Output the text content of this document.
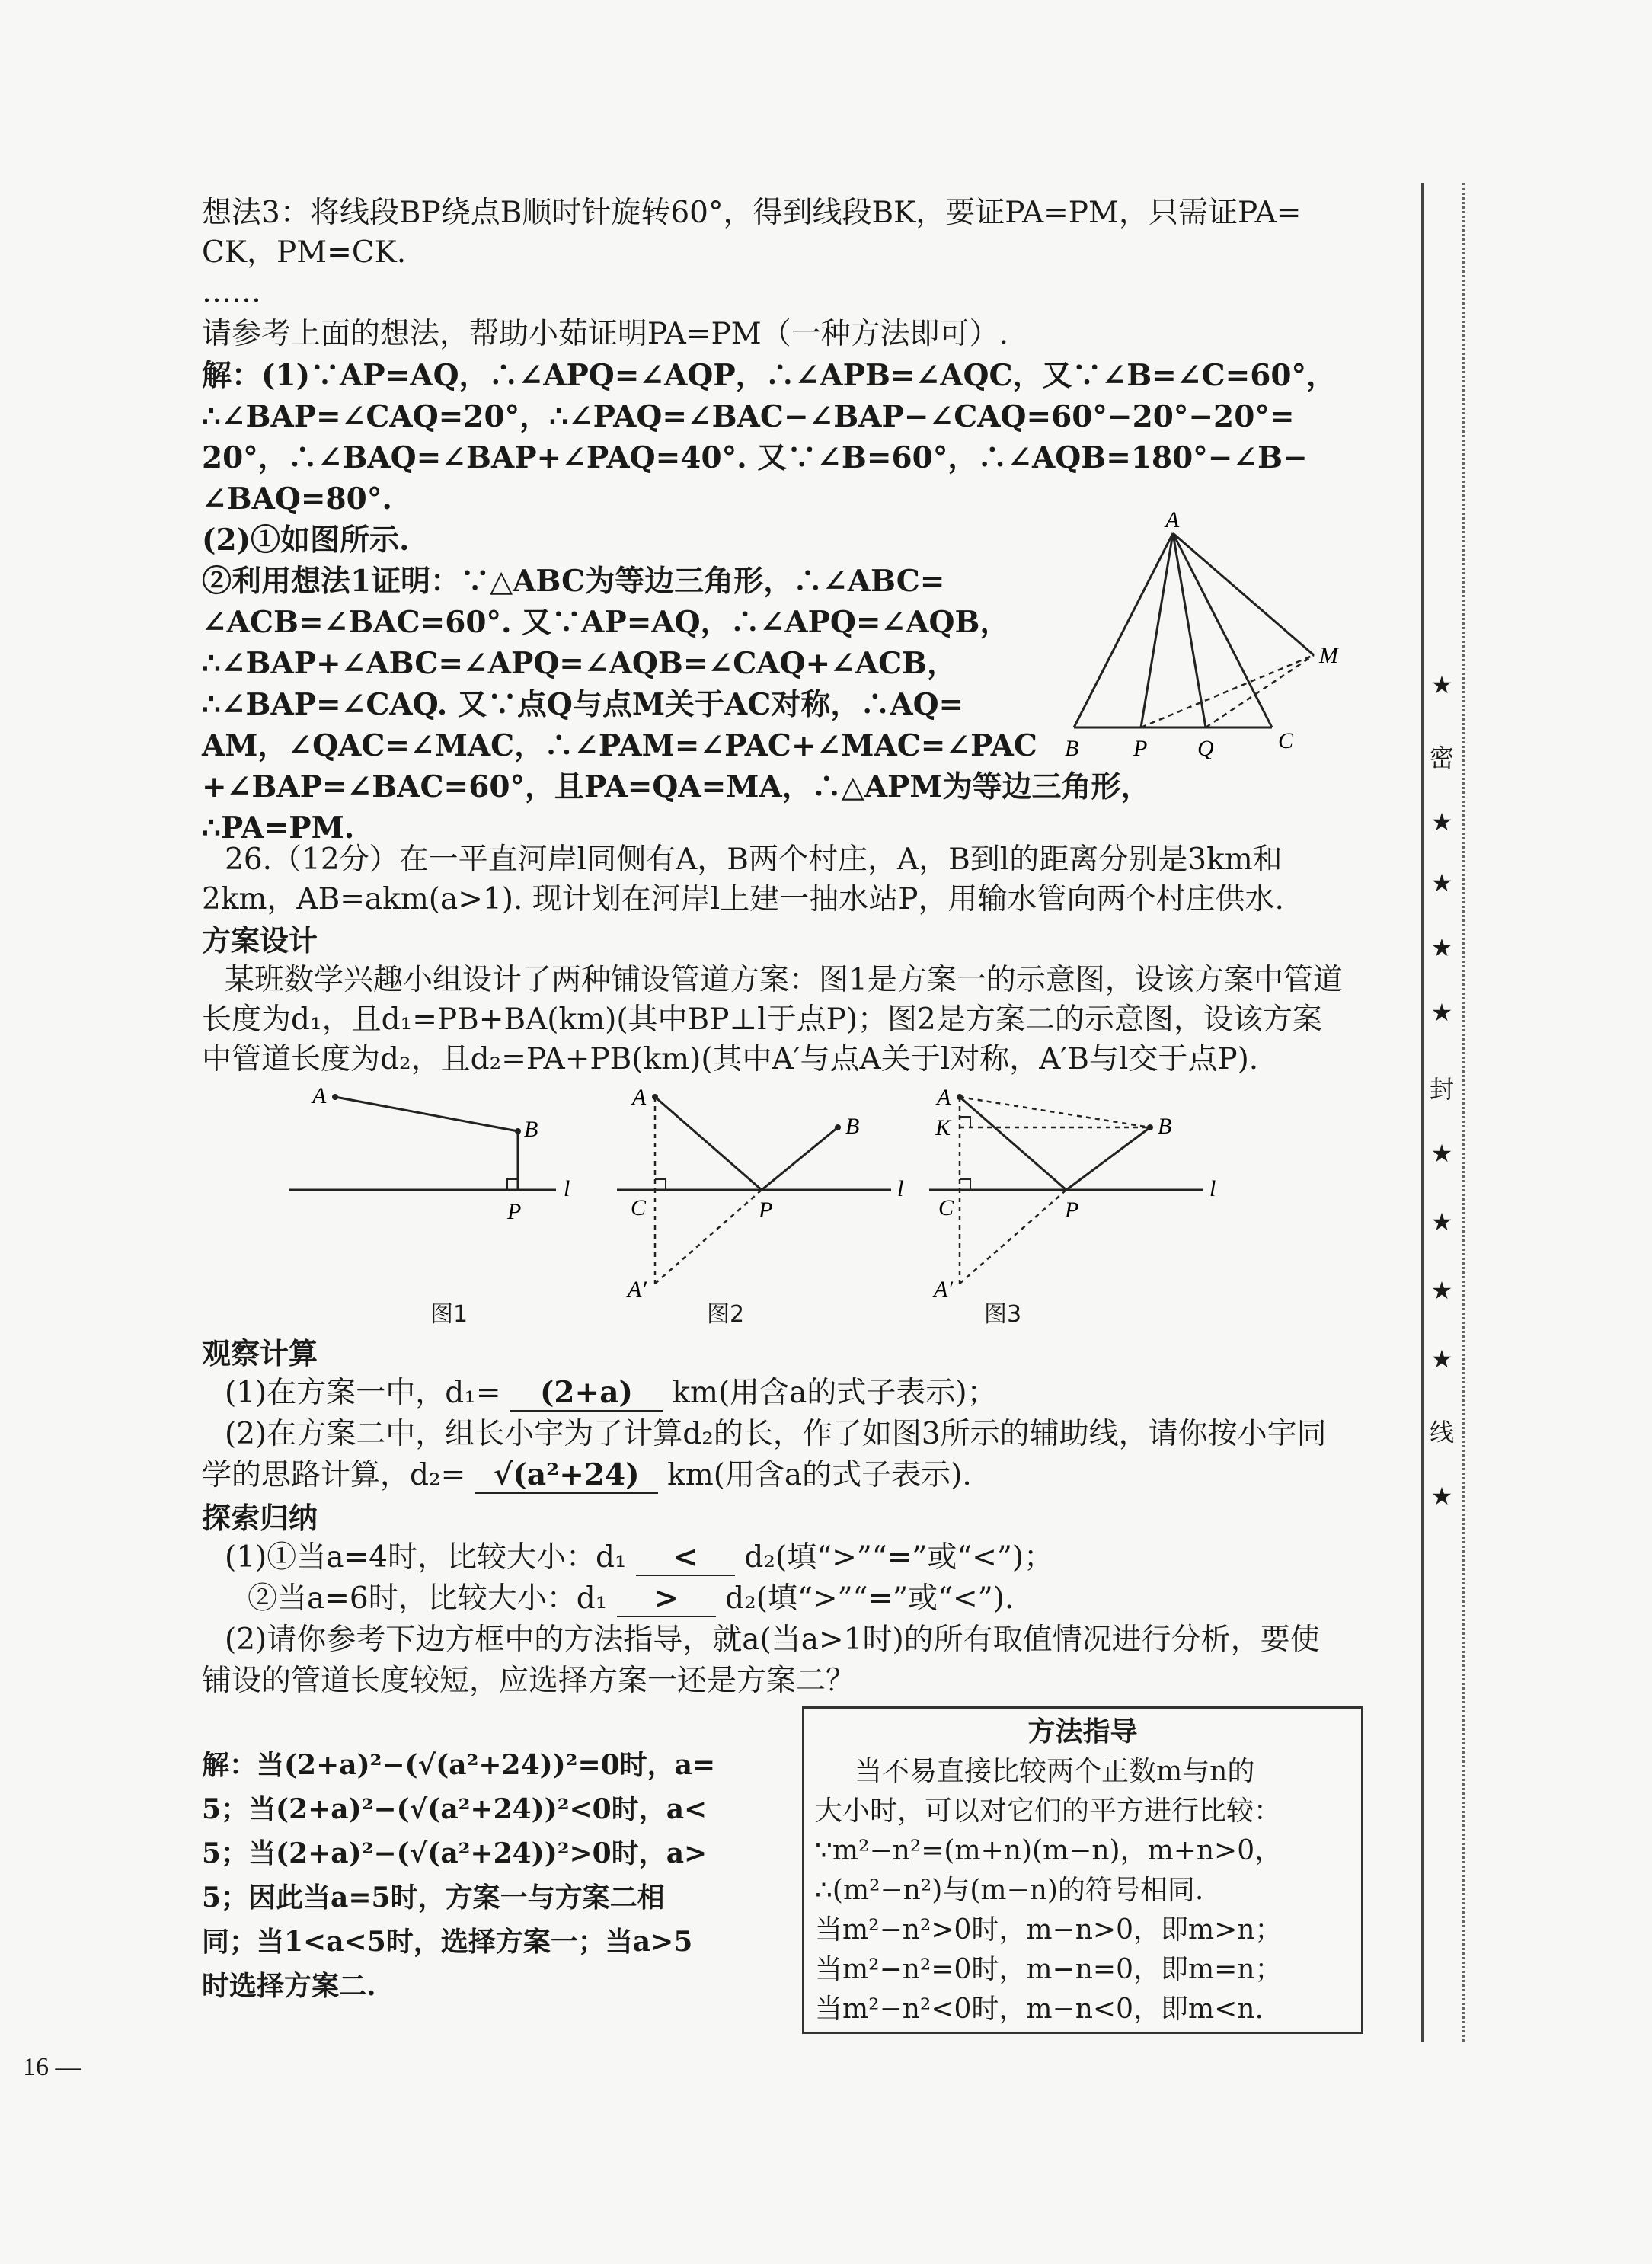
想法3：将线段BP绕点B顺时针旋转60°，得到线段BK，要证PA=PM，只需证PA=
CK，PM=CK.
……
请参考上面的想法，帮助小茹证明PA=PM（一种方法即可）.
解：(1)∵AP=AQ，∴∠APQ=∠AQP，∴∠APB=∠AQC，又∵∠B=∠C=60°，
∴∠BAP=∠CAQ=20°，∴∠PAQ=∠BAC−∠BAP−∠CAQ=60°−20°−20°=
20°，∴∠BAQ=∠BAP+∠PAQ=40°. 又∵∠B=60°，∴∠AQB=180°−∠B−
∠BAQ=80°.
(2)①如图所示.
②利用想法1证明：∵△ABC为等边三角形，∴∠ABC=
∠ACB=∠BAC=60°. 又∵AP=AQ，∴∠APQ=∠AQB，
∴∠BAP+∠ABC=∠APQ=∠AQB=∠CAQ+∠ACB，
∴∠BAP=∠CAQ. 又∵点Q与点M关于AC对称，∴AQ=
AM，∠QAC=∠MAC，∴∠PAM=∠PAC+∠MAC=∠PAC
+∠BAP=∠BAC=60°，且PA=QA=MA，∴△APM为等边三角形，
∴PA=PM.
A
B P Q	C
M
26.（12分）在一平直河岸l同侧有A，B两个村庄，A，B到l的距离分别是3km和
2km，AB=akm(a>1). 现计划在河岸l上建一抽水站P，用输水管向两个村庄供水.
方案设计
某班数学兴趣小组设计了两种铺设管道方案：图1是方案一的示意图，设该方案中管道
长度为d₁，且d₁=PB+BA(km)(其中BP⊥l于点P)；图2是方案二的示意图，设该方案
中管道长度为d₂，且d₂=PA+PB(km)(其中A′与点A关于l对称，A′B与l交于点P).
A
B
P
l
图1
A
B
C	P
A′
l
图2
A
K	B
C	P
A′
l
图3
观察计算
(1)在方案一中，d₁= (2+a) km(用含a的式子表示)；
(2)在方案二中，组长小宇为了计算d₂的长，作了如图3所示的辅助线，请你按小宇同
学的思路计算，d₂= √(a²+24) km(用含a的式子表示).
探索归纳
(1)①当a=4时，比较大小：d₁ < d₂(填“>”“=”或“<”)；
②当a=6时，比较大小：d₁ > d₂(填“>”“=”或“<”).
(2)请你参考下边方框中的方法指导，就a(当a>1时)的所有取值情况进行分析，要使
铺设的管道长度较短，应选择方案一还是方案二？
解：当(2+a)²−(√(a²+24))²=0时，a=
5；当(2+a)²−(√(a²+24))²<0时，a<
5；当(2+a)²−(√(a²+24))²>0时，a>
5；因此当a=5时，方案一与方案二相
同；当1<a<5时，选择方案一；当a>5
时选择方案二.
方法指导
当不易直接比较两个正数m与n的
大小时，可以对它们的平方进行比较：
∵m²−n²=(m+n)(m−n)，m+n>0，
∴(m²−n²)与(m−n)的符号相同.
当m²−n²>0时，m−n>0，即m>n；
当m²−n²=0时，m−n=0，即m=n；
当m²−n²<0时，m−n<0，即m<n.
★
密
★
★
★
★
封
★
★
★
★
线
★
16 —
